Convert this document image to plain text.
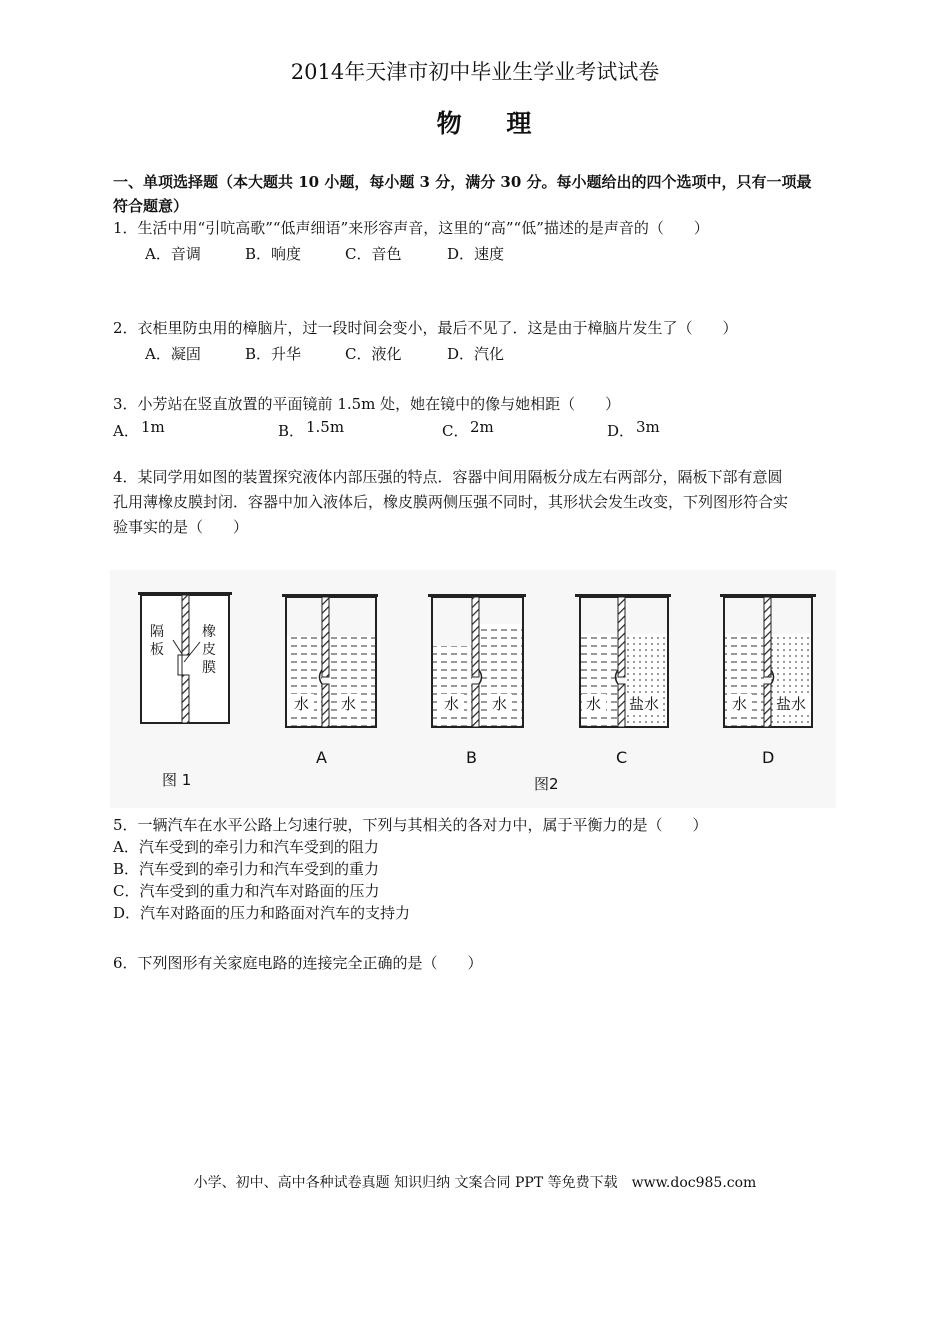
2014年天津市初中毕业生学业考试试卷
物 理
一、单项选择题（本大题共 10 小题，每小题 3 分，满分 30 分。每小题给出的四个选项中，只有一项最
符合题意）
1．生活中用“引吭高歌”“低声细语”来形容声音，这里的“高”“低”描述的是声音的（　　）
A．音调	B．响度	C．音色	D．速度
2．衣柜里防虫用的樟脑片，过一段时间会变小，最后不见了．这是由于樟脑片发生了（　　）
A．凝固	B．升华	C．液化	D．汽化
3．小芳站在竖直放置的平面镜前 1.5m 处，她在镜中的像与她相距（　　）
A． 1m	B． 1.5m	C． 2m	D． 3m
4．某同学用如图的装置探究液体内部压强的特点．容器中间用隔板分成左右两部分，隔板下部有意圆
孔用薄橡皮膜封闭．容器中加入液体后，橡皮膜两侧压强不同时，其形状会发生改变，下列图形符合实
验事实的是（　　）
隔
板
橡
皮
膜
图 1
水 水
A
水 水
B
水 盐水
C
水 盐水
D
图2
5．一辆汽车在水平公路上匀速行驶，下列与其相关的各对力中，属于平衡力的是（　　）
A．汽车受到的牵引力和汽车受到的阻力
B．汽车受到的牵引力和汽车受到的重力
C．汽车受到的重力和汽车对路面的压力
D．汽车对路面的压力和路面对汽车的支持力
6．下列图形有关家庭电路的连接完全正确的是（　　）
小学、初中、高中各种试卷真题 知识归纳 文案合同 PPT 等免费下载　www.doc985.com
